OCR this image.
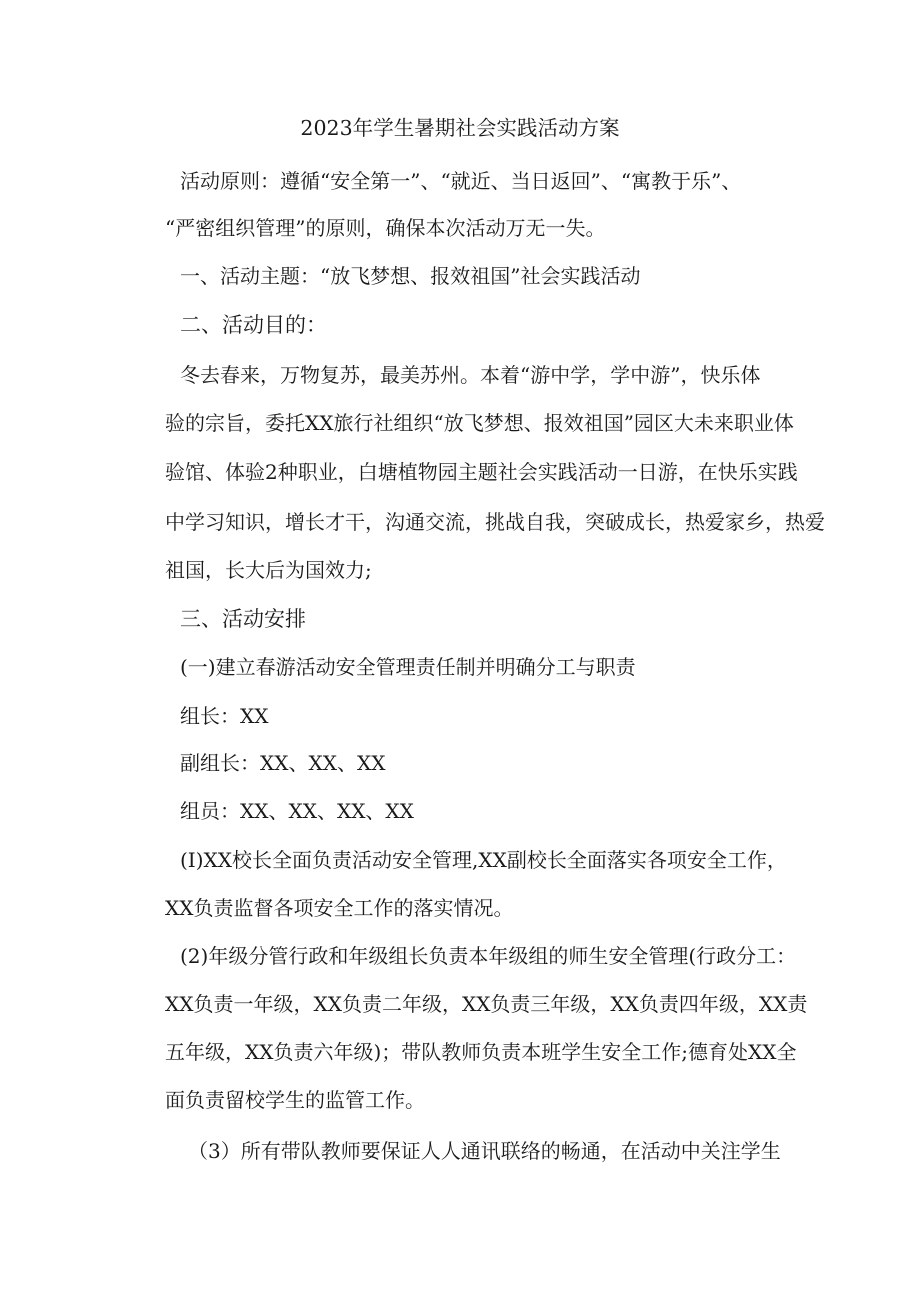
2023年学生暑期社会实践活动方案
活动原则：遵循“安全第一”、“就近、当日返回”、“寓教于乐”、
“严密组织管理”的原则，确保本次活动万无一失。
一、活动主题：“放飞梦想、报效祖国”社会实践活动
二、活动目的：
冬去春来，万物复苏，最美苏州。本着“游中学，学中游”，快乐体
验的宗旨，委托XX旅行社组织“放飞梦想、报效祖国”园区大未来职业体
验馆、体验2种职业，白塘植物园主题社会实践活动一日游，在快乐实践
中学习知识，增长才干，沟通交流，挑战自我，突破成长，热爱家乡，热爱
祖国，长大后为国效力;
三、活动安排
(一)建立春游活动安全管理责任制并明确分工与职责
组长：XX
副组长：XX、XX、XX
组员：XX、XX、XX、XX
(I)XX校长全面负责活动安全管理,XX副校长全面落实各项安全工作，
XX负责监督各项安全工作的落实情况。
(2)年级分管行政和年级组长负责本年级组的师生安全管理(行政分工：
XX负责一年级，XX负责二年级，XX负责三年级，XX负责四年级，XX责
五年级，XX负责六年级)；带队教师负责本班学生安全工作;德育处XX全
面负责留校学生的监管工作。
（3）所有带队教师要保证人人通讯联络的畅通，在活动中关注学生
